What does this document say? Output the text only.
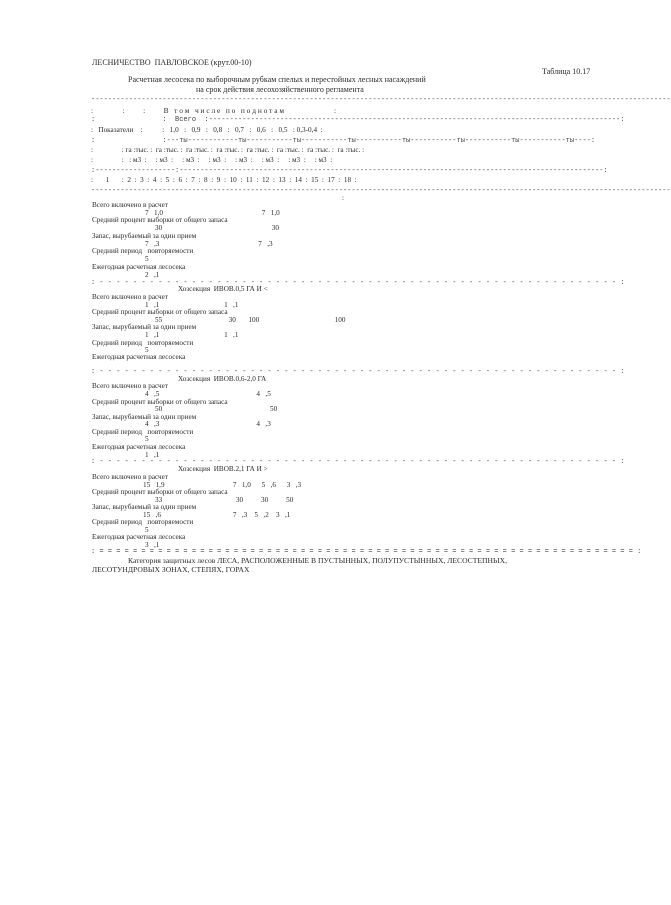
ЛЕСНИЧЕСТВО  ПАВЛОВСКОЕ (крут.00-10)
Таблица 10.17
Расчетная лесосека по выборочным рубкам спелых и перестойных лесных насаждений
на срок действия лесохозяйственного регламента
------------------------------------------------------------------------------------------------------------------------------------------
:                :          :          В   т о м   ч и с л е   п о   п о д н о т а м                           :
:                :  Всего  :--------------------------------------------------------------------------------------------------:
:   Показатели    :           :   1,0   :   0,9   :   0,8   :   0,7   :   0,6   :   0,5   : 0,3-0,4  :
:                :---ты------------ты-----------ты-----------ты-----------ты-----------ты-----------ты-----------ты----:
:                : га :тыс. :  га :тыс. :  га :тыс. :  га :тыс. :  га :тыс. :  га :тыс. :  га :тыс. :  га :тыс. :
:                :   : м3  :     : м3  :     : м3  :     : м3  :     : м3  :     : м3  :     : м3  :     : м3  :
:-------------------:-----------------------------------------------------------------------------------------------------:
:       1       :  2  :  3  :  4  :  5  :  6  :  7  :  8  :  9  :  10  :  11  :  12  :  13  :  14  :  15  :  17  :  18  :
------------------------------------------------------------------------------------------------------------------------------------------
:
Всего включено в расчет
7   1,0                                                       7   1,0
Средний процент выборки от общего запаса
30                                                             30
Запас, вырубаемый за один прием
7   ,3                                                       7   ,3
Средний период   повторяемости
5
Ежегодная расчетная лесосека
2   ,1
: - - - - - - - - - - - - - - - - - - - - - - - - - - - - - - - - - - - - - - - - - - - - - - - - - - - - - - - - - - - - - - :
Хозсекция  ИВОВ.0,5 ГА И <
Всего включено в расчет
1   ,1                                    1   ,1
Средний процент выборки от общего запаса
55                                     30       100                                          100
Запас, вырубаемый за один прием
1   ,1                                    1   ,1
Средний период   повторяемости
5
Ежегодная расчетная лесосека
: - - - - - - - - - - - - - - - - - - - - - - - - - - - - - - - - - - - - - - - - - - - - - - - - - - - - - - - - - - - - - - :
Хозсекция  ИВОВ.0,6-2,0 ГА
Всего включено в расчет
4   ,5                                                      4   ,5
Средний процент выборки от общего запаса
50                                                            50
Запас, вырубаемый за один прием
4   ,3                                                      4   ,3
Средний период   повторяемости
5
Ежегодная расчетная лесосека
1   ,1
: - - - - - - - - - - - - - - - - - - - - - - - - - - - - - - - - - - - - - - - - - - - - - - - - - - - - - - - - - - - - - - :
Хозсекция  ИВОВ.2,1 ГА И >
Всего включено в расчет
15   1,9                                      7   1,0      5   ,6      3   ,3
Средний процент выборки от общего запаса
33                                         30          30          50
Запас, вырубаемый за один прием
15   ,6                                        7   ,3    5   ,2    3   ,1
Средний период   повторяемости
5
Ежегодная расчетная лесосека
3   ,1
: = = = = = = = = = = = = = = = = = = = = = = = = = = = = = = = = = = = = = = = = = = = = = = = = = = = = = = = = = = = = = = = = :
Категория защитных лесов ЛЕСА, РАСПОЛОЖЕННЫЕ В ПУСТЫННЫХ, ПОЛУПУСТЫННЫХ, ЛЕСОСТЕПНЫХ,
ЛЕСОТУНДРОВЫХ ЗОНАХ, СТЕПЯХ, ГОРАХ
